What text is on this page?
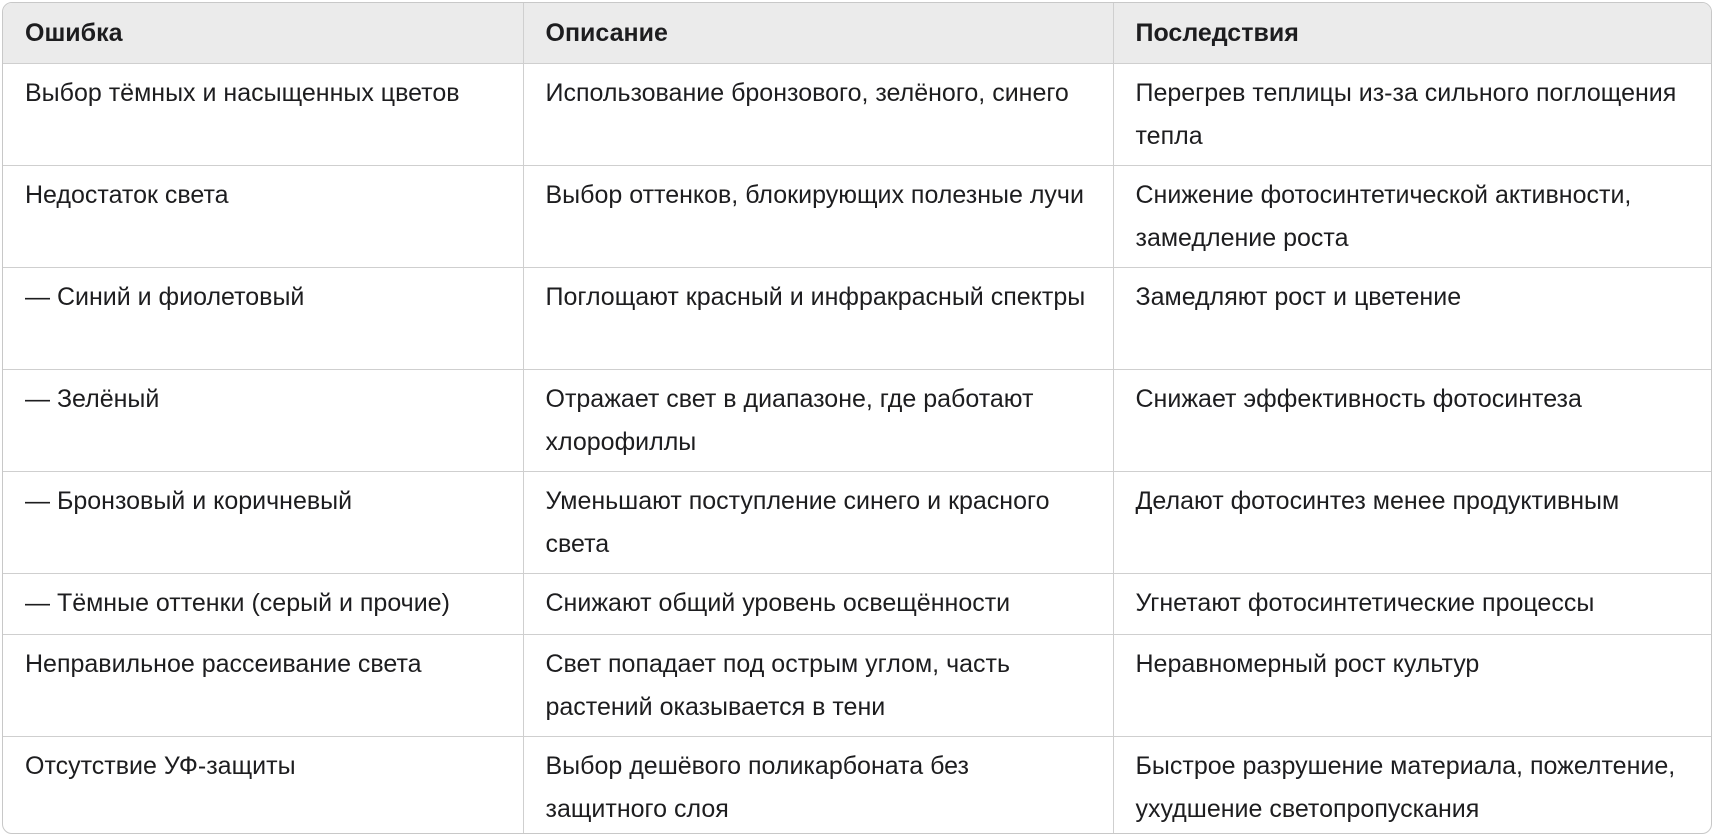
Ошибка	Описание	Последствия
Выбор тёмных и насыщенных цветов	Использование бронзового, зелёного, синего	Перегрев теплицы из-за сильного поглощения тепла
Недостаток света	Выбор оттенков, блокирующих полезные лучи	Снижение фотосинтетической активности, замедление роста
— Синий и фиолетовый	Поглощают красный и инфракрасный спектры	Замедляют рост и цветение
— Зелёный	Отражает свет в диапазоне, где работают хлорофиллы	Снижает эффективность фотосинтеза
— Бронзовый и коричневый	Уменьшают поступление синего и красного света	Делают фотосинтез менее продуктивным
— Тёмные оттенки (серый и прочие)	Снижают общий уровень освещённости	Угнетают фотосинтетические процессы
Неправильное рассеивание света	Свет попадает под острым углом, часть растений оказывается в тени	Неравномерный рост культур
Отсутствие УФ-защиты	Выбор дешёвого поликарбоната без защитного слоя	Быстрое разрушение материала, пожелтение, ухудшение светопропускания
